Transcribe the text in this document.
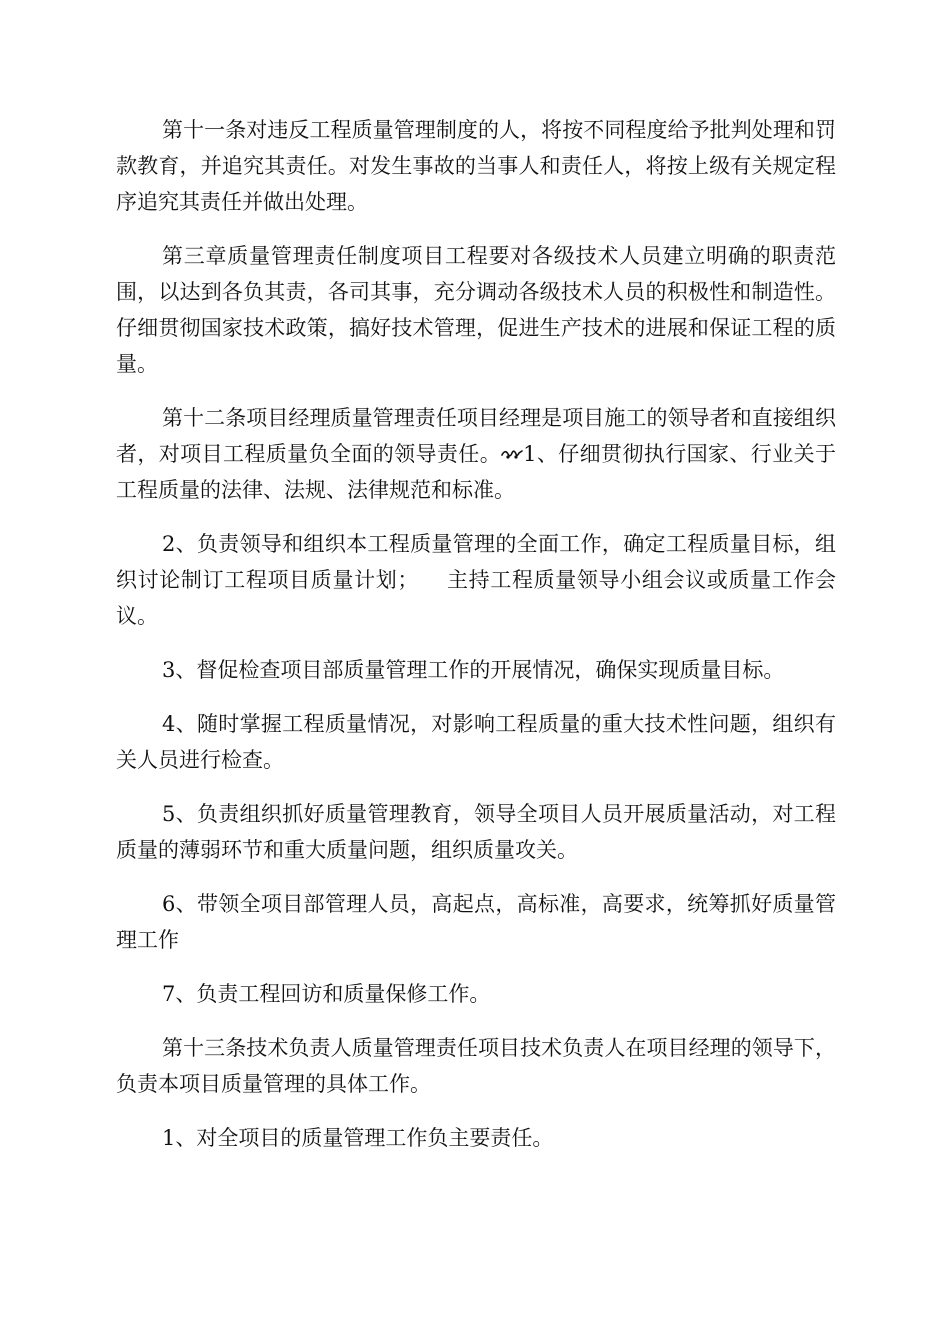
第十一条对违反工程质量管理制度的人，将按不同程度给予批判处理和罚款教育，并追究其责任。对发生事故的当事人和责任人，将按上级有关规定程序追究其责任并做出处理。

第三章质量管理责任制度项目工程要对各级技术人员建立明确的职责范围，以达到各负其责，各司其事，充分调动各级技术人员的积极性和制造性。仔细贯彻国家技术政策，搞好技术管理，促进生产技术的进展和保证工程的质量。

第十二条项目经理质量管理责任项目经理是项目施工的领导者和直接组织者，对项目工程质量负全面的领导责任。 1、仔细贯彻执行国家、行业关于工程质量的法律、法规、法律规范和标准。

2、负责领导和组织本工程质量管理的全面工作，确定工程质量目标，组织讨论制订工程项目质量计划； 主持工程质量领导小组会议或质量工作会议。

3、督促检查项目部质量管理工作的开展情况，确保实现质量目标。

4、随时掌握工程质量情况，对影响工程质量的重大技术性问题，组织有关人员进行检查。

5、负责组织抓好质量管理教育，领导全项目人员开展质量活动，对工程质量的薄弱环节和重大质量问题，组织质量攻关。

6、带领全项目部管理人员，高起点，高标准，高要求，统筹抓好质量管理工作

7、负责工程回访和质量保修工作。

第十三条技术负责人质量管理责任项目技术负责人在项目经理的领导下，负责本项目质量管理的具体工作。

1、对全项目的质量管理工作负主要责任。
